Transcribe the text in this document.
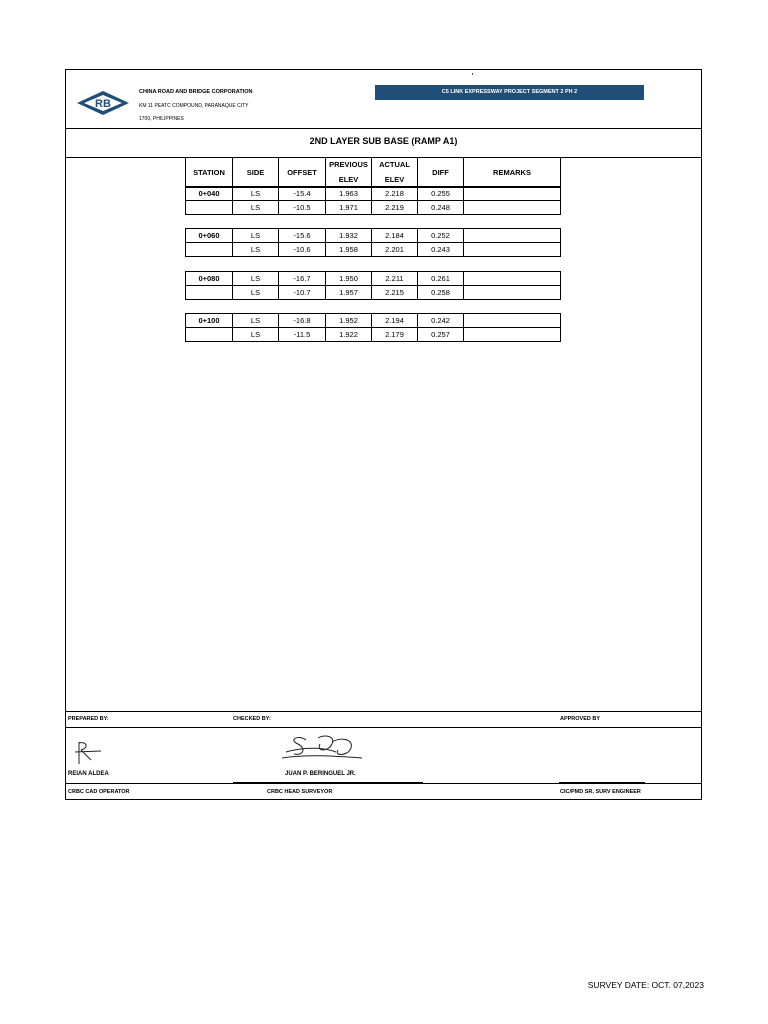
RB
CHINA ROAD AND BRIDGE CORPORATION
KM 11 PEATC COMPOUND, PARANAQUE CITY
1700, PHILIPPINES
C5 LINK EXPRESSWAY PROJECT SEGMENT 2 PH 2
2ND LAYER SUB BASE (RAMP A1)
STATION	SIDE	OFFSET	PREVIOUS	ACTUAL	DIFF	REMARKS
			ELEV	ELEV		
0+040	LS	-15.4	1.963	2.218	0.255	
	LS	-10.5	1.971	2.219	0.248	
0+060	LS	-15.6	1.932	2.184	0.252	
	LS	-10.6	1.958	2.201	0.243	
0+080	LS	-16.7	1.950	2.211	0.261	
	LS	-10.7	1.957	2.215	0.258	
0+100	LS	-16.8	1.952	2.194	0.242	
	LS	-11.5	1.922	2.179	0.257	
PREPARED BY:	CHECKED BY:	APPROVED BY
REIAN ALDEA	JUAN P. BERINGUEL JR.
CRBC CAD OPERATOR	CRBC HEAD SURVEYOR	CIC/PMD SR, SURV ENGINEER
SURVEY DATE: OCT. 07,2023
